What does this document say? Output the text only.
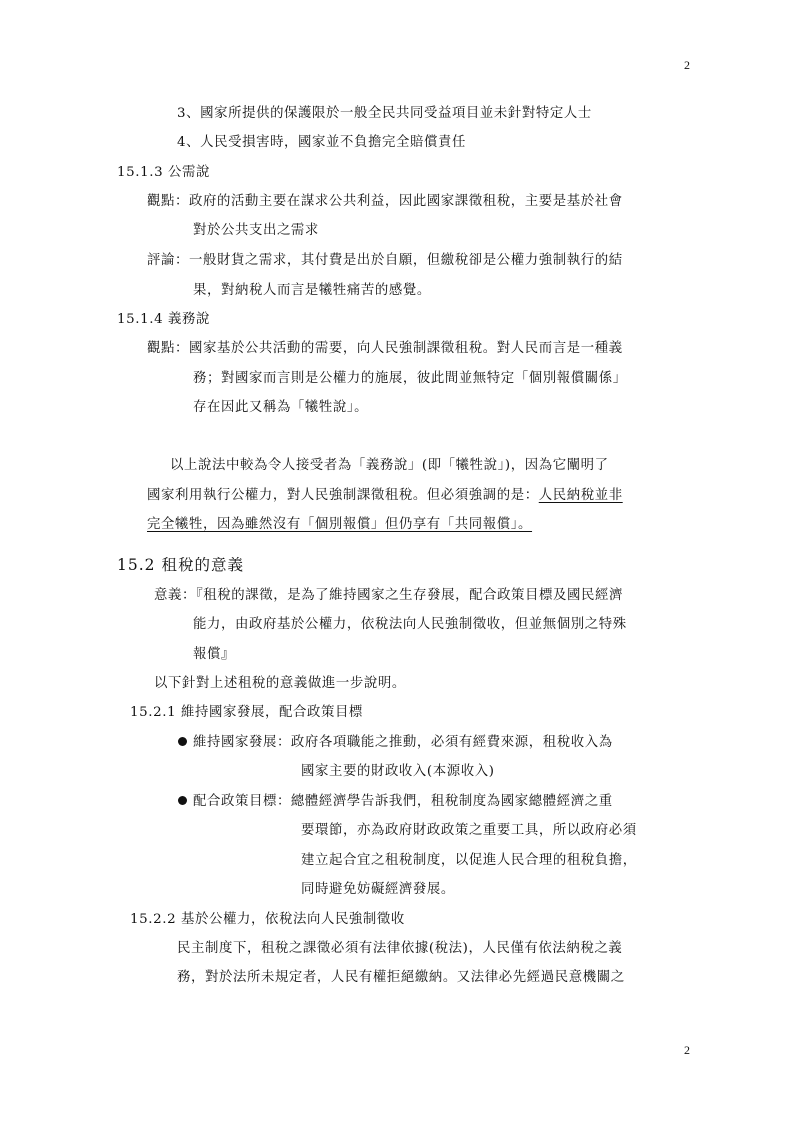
2
3、國家所提供的保護限於一般全民共同受益項目並未針對特定人士
4、人民受損害時，國家並不負擔完全賠償責任
15.1.3 公需說
觀點：政府的活動主要在謀求公共利益，因此國家課徵租稅，主要是基於社會
對於公共支出之需求
評論：一般財貨之需求，其付費是出於自願，但繳稅卻是公權力強制執行的結
果，對納稅人而言是犧牲痛苦的感覺。
15.1.4 義務說
觀點：國家基於公共活動的需要，向人民強制課徵租稅。對人民而言是一種義
務；對國家而言則是公權力的施展，彼此間並無特定「個別報償關係」
存在因此又稱為「犧牲說」。
以上說法中較為令人接受者為「義務說」(即「犧牲說」)，因為它闡明了
國家利用執行公權力，對人民強制課徵租稅。但必須強調的是：人民納稅並非
完全犧牲，因為雖然沒有「個別報償」但仍享有「共同報償」。
15.2 租稅的意義
意義：『租稅的課徵，是為了維持國家之生存發展，配合政策目標及國民經濟
能力，由政府基於公權力，依稅法向人民強制徵收，但並無個別之特殊
報償』
以下針對上述租稅的意義做進一步說明。
15.2.1 維持國家發展，配合政策目標
維持國家發展：政府各項職能之推動，必須有經費來源，租稅收入為
國家主要的財政收入(本源收入)
配合政策目標：總體經濟學告訴我們，租稅制度為國家總體經濟之重
要環節，亦為政府財政政策之重要工具，所以政府必須
建立起合宜之租稅制度，以促進人民合理的租稅負擔，
同時避免妨礙經濟發展。
15.2.2 基於公權力，依稅法向人民強制徵收
民主制度下，租稅之課徵必須有法律依據(稅法)，人民僅有依法納稅之義
務，對於法所未規定者，人民有權拒絕繳納。又法律必先經過民意機關之
2
